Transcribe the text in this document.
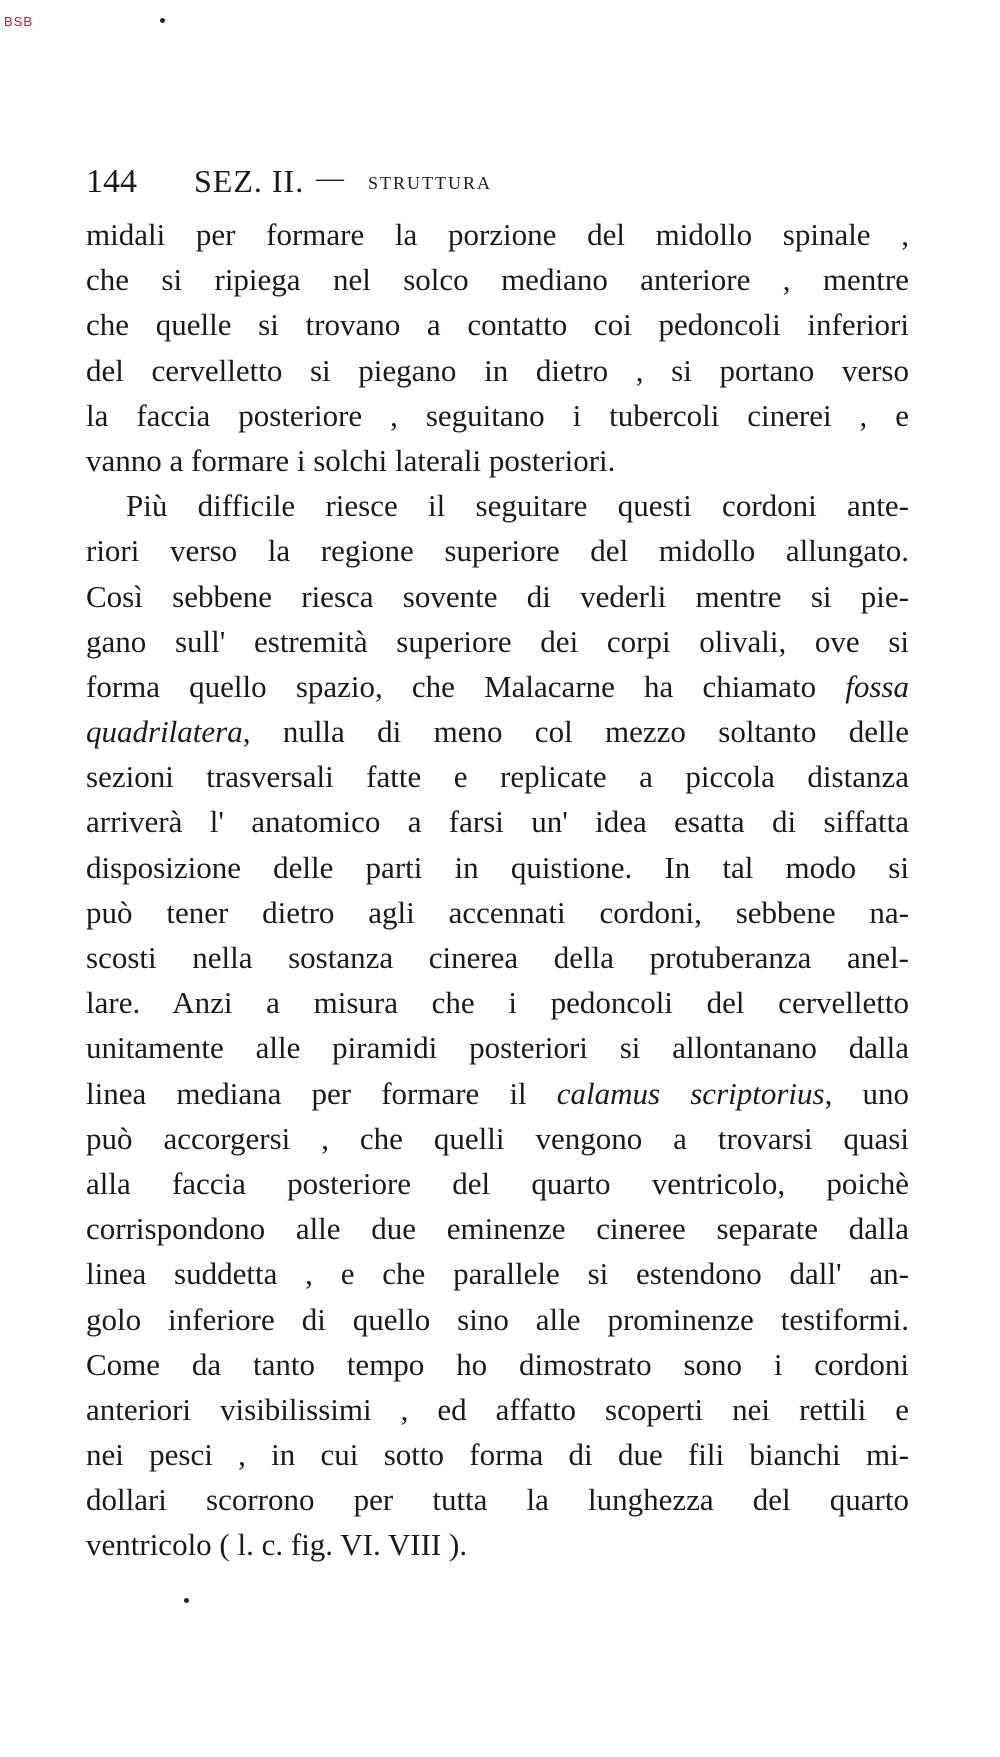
BSB
144 SEZ. II. — STRUTTURA
midali per formare la porzione del midollo spinale ,
che si ripiega nel solco mediano anteriore , mentre
che quelle si trovano a contatto coi pedoncoli inferiori
del cervelletto si piegano in dietro , si portano verso
la faccia posteriore , seguitano i tubercoli cinerei , e
vanno a formare i solchi laterali posteriori.
Più difficile riesce il seguitare questi cordoni ante-
riori verso la regione superiore del midollo allungato.
Così sebbene riesca sovente di vederli mentre si pie-
gano sull' estremità superiore dei corpi olivali, ove si
forma quello spazio, che Malacarne ha chiamato fossa
quadrilatera, nulla di meno col mezzo soltanto delle
sezioni trasversali fatte e replicate a piccola distanza
arriverà l' anatomico a farsi un' idea esatta di siffatta
disposizione delle parti in quistione. In tal modo si
può tener dietro agli accennati cordoni, sebbene na-
scosti nella sostanza cinerea della protuberanza anel-
lare. Anzi a misura che i pedoncoli del cervelletto
unitamente alle piramidi posteriori si allontanano dalla
linea mediana per formare il calamus scriptorius, uno
può accorgersi , che quelli vengono a trovarsi quasi
alla faccia posteriore del quarto ventricolo, poichè
corrispondono alle due eminenze cineree separate dalla
linea suddetta , e che parallele si estendono dall' an-
golo inferiore di quello sino alle prominenze testiformi.
Come da tanto tempo ho dimostrato sono i cordoni
anteriori visibilissimi , ed affatto scoperti nei rettili e
nei pesci , in cui sotto forma di due fili bianchi mi-
dollari scorrono per tutta la lunghezza del quarto
ventricolo ( l. c. fig. VI. VIII ).
